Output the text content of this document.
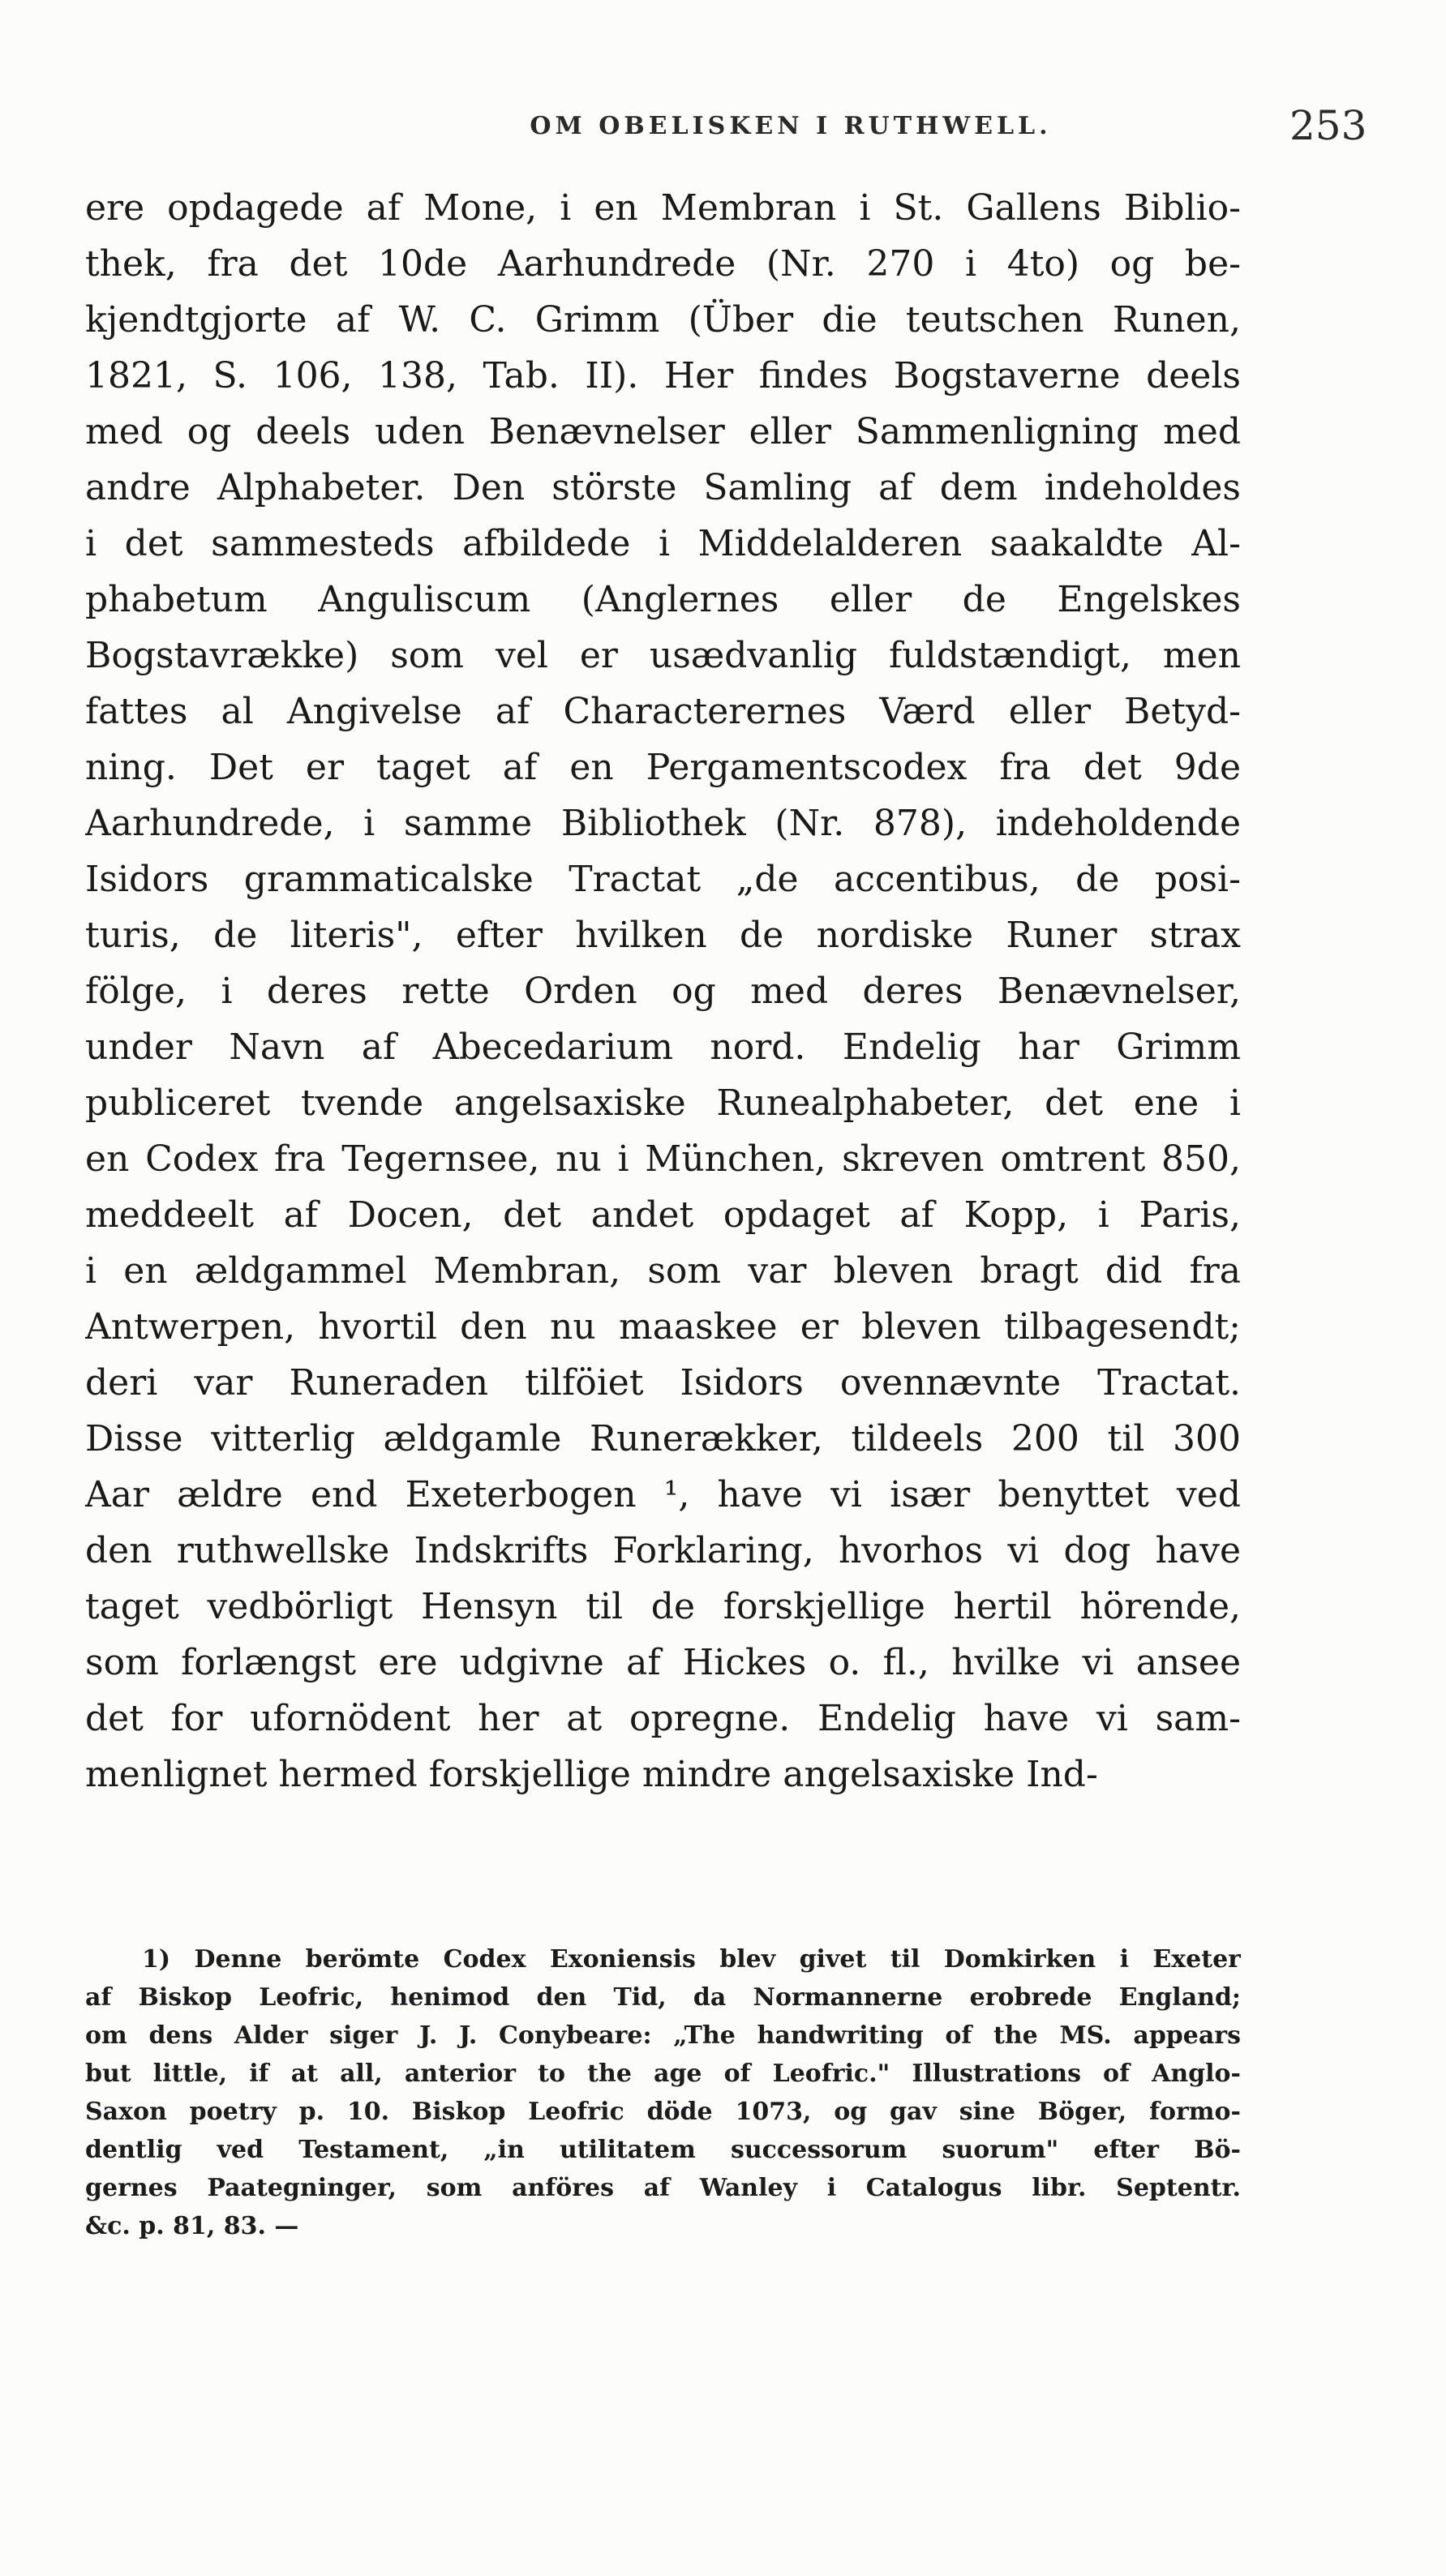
OM OBELISKEN I RUTHWELL.	253
ere opdagede af Mone, i en Membran i St. Gallens Biblio-
thek, fra det 10de Aarhundrede (Nr. 270 i 4to) og be-
kjendtgjorte af W. C. Grimm (Über die teutschen Runen,
1821, S. 106, 138, Tab. II). Her findes Bogstaverne deels
med og deels uden Benævnelser eller Sammenligning med
andre Alphabeter. Den störste Samling af dem indeholdes
i det sammesteds afbildede i Middelalderen saakaldte Al-
phabetum Anguliscum (Anglernes eller de Engelskes
Bogstavrække) som vel er usædvanlig fuldstændigt, men
fattes al Angivelse af Characterernes Værd eller Betyd-
ning. Det er taget af en Pergamentscodex fra det 9de
Aarhundrede, i samme Bibliothek (Nr. 878), indeholdende
Isidors grammaticalske Tractat „de accentibus, de posi-
turis, de literis", efter hvilken de nordiske Runer strax
fölge, i deres rette Orden og med deres Benævnelser,
under Navn af Abecedarium nord. Endelig har Grimm
publiceret tvende angelsaxiske Runealphabeter, det ene i
en Codex fra Tegernsee, nu i München, skreven omtrent 850,
meddeelt af Docen, det andet opdaget af Kopp, i Paris,
i en ældgammel Membran, som var bleven bragt did fra
Antwerpen, hvortil den nu maaskee er bleven tilbagesendt;
deri var Runeraden tilföiet Isidors ovennævnte Tractat.
Disse vitterlig ældgamle Runerækker, tildeels 200 til 300
Aar ældre end Exeterbogen ¹, have vi især benyttet ved
den ruthwellske Indskrifts Forklaring, hvorhos vi dog have
taget vedbörligt Hensyn til de forskjellige hertil hörende,
som forlængst ere udgivne af Hickes o. fl., hvilke vi ansee
det for ufornödent her at opregne. Endelig have vi sam-
menlignet hermed forskjellige mindre angelsaxiske Ind-
1) Denne berömte Codex Exoniensis blev givet til Domkirken i Exeter
af Biskop Leofric, henimod den Tid, da Normannerne erobrede England;
om dens Alder siger J. J. Conybeare: „The handwriting of the MS. appears
but little, if at all, anterior to the age of Leofric." Illustrations of Anglo-
Saxon poetry p. 10. Biskop Leofric döde 1073, og gav sine Böger, formo-
dentlig ved Testament, „in utilitatem successorum suorum" efter Bö-
gernes Paategninger, som anföres af Wanley i Catalogus libr. Septentr.
&c. p. 81, 83. —
